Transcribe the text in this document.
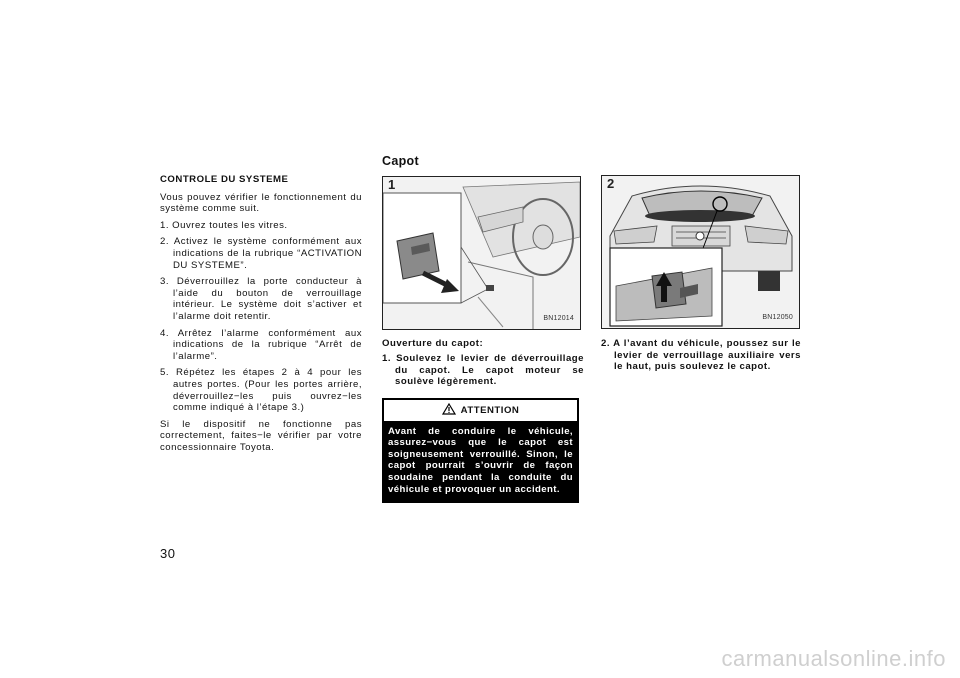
CONTROLE DU SYSTEME
Vous pouvez vérifier le fonctionnement du système comme suit.
1. Ouvrez toutes les vitres.
2. Activez le système conformément aux indications de la rubrique “ACTIVATION DU SYSTEME”.
3. Déverrouillez la porte conducteur à l’aide du bouton de verrouillage intérieur. Le système doit s’activer et l’alarme doit retentir.
4. Arrêtez l’alarme conformément aux indications de la rubrique “Arrêt de l’alarme”.
5. Répétez les étapes 2 à 4 pour les autres portes. (Pour les portes arrière, déverrouillez−les puis ouvrez−les comme indiqué à l’étape 3.)
Si le dispositif ne fonctionne pas correctement, faites−le vérifier par votre concessionnaire Toyota.
Capot
1
BN12014
Ouverture du capot:
1. Soulevez le levier de déverrouillage du capot. Le capot moteur se soulève légèrement.
ATTENTION
Avant de conduire le véhicule, assurez−vous que le capot est soigneusement verrouillé. Sinon, le capot pourrait s’ouvrir de façon soudaine pendant la conduite du véhicule et provoquer un accident.
2
BN12050
2. A l’avant du véhicule, poussez sur le levier de verrouillage auxiliaire vers le haut, puis soulevez le capot.
30
carmanualsonline.info
